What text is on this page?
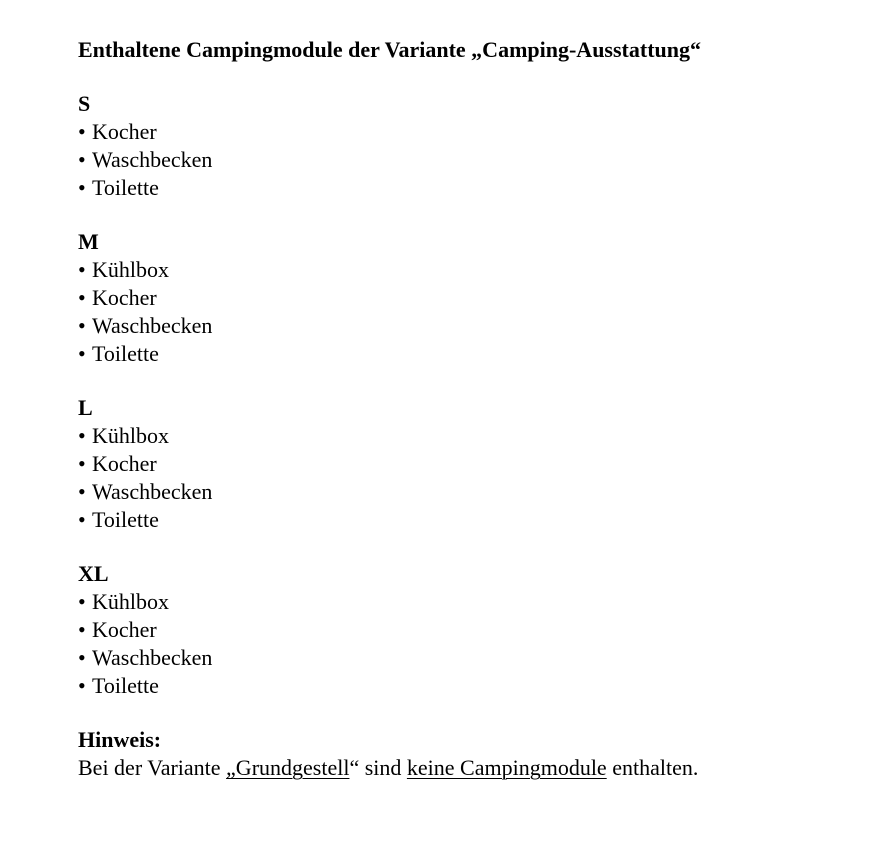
Enthaltene Campingmodule der Variante „Camping-Ausstattung“
S
• Kocher
• Waschbecken
• Toilette
M
• Kühlbox
• Kocher
• Waschbecken
• Toilette
L
• Kühlbox
• Kocher
• Waschbecken
• Toilette
XL
• Kühlbox
• Kocher
• Waschbecken
• Toilette
Hinweis:
Bei der Variante „Grundgestell“ sind keine Campingmodule enthalten.
